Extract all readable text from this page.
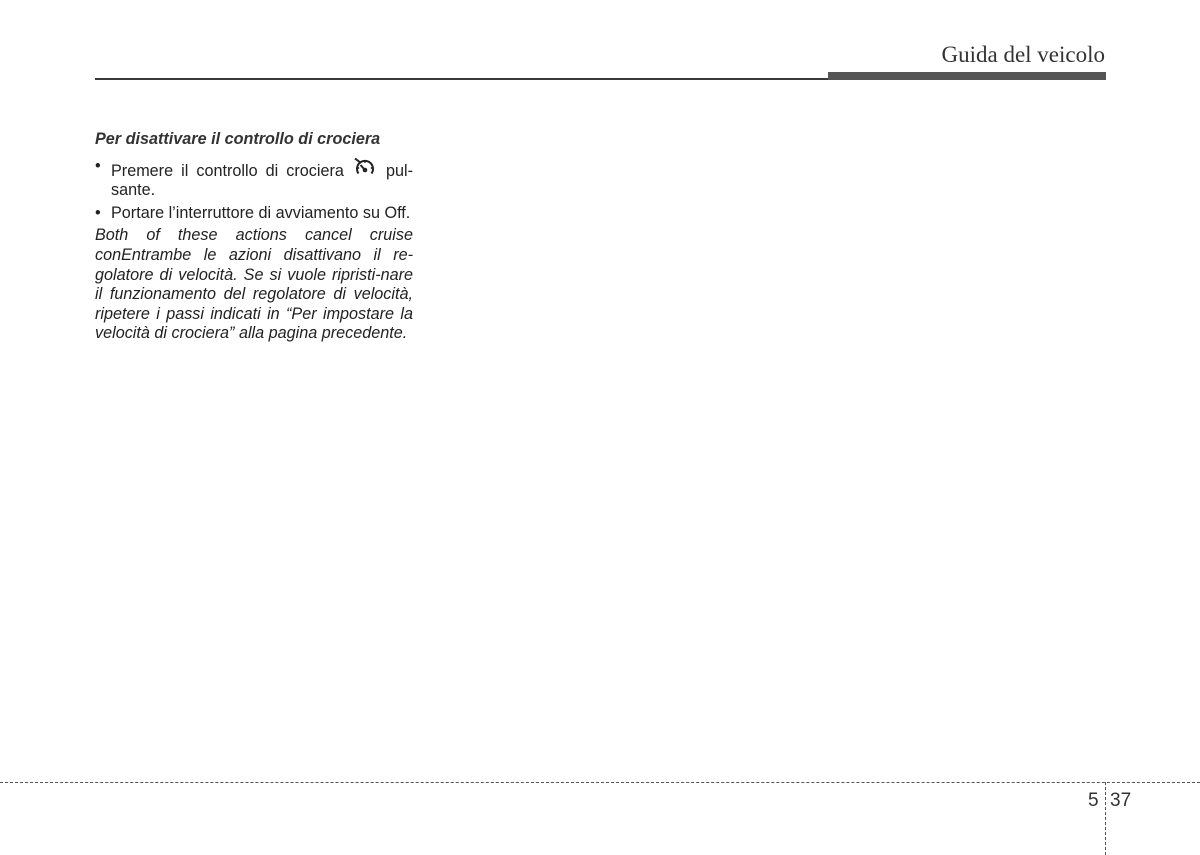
Guida del veicolo

Per disattivare il controllo di crociera

• Premere il controllo di crociera	pul-sante.
• Portare l’interruttore di avviamento su Off.

Both of these actions cancel cruise conEntrambe le azioni disattivano il re-golatore di velocità. Se si vuole ripristi-nare il funzionamento del regolatore di velocità, ripetere i passi indicati in “Per impostare la velocità di crociera” alla pagina precedente.

5 37
